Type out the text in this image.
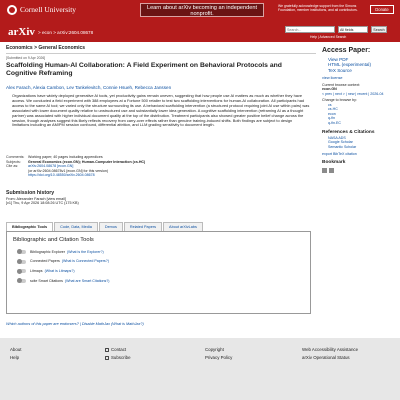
Cornell University	Learn about arXiv becoming an independent nonprofit.
We gratefully acknowledge support from the Simons Foundation, member institutions, and all contributors.	Donate
arXiv > econ > arXiv:2604.08678	Search...	All fields	Search
Help | Advanced Search
Economics > General Economics
[Submitted on 9 Apr 2026]
Scaffolding Human-AI Collaboration: A Field Experiment on Behavioral Protocols and Cognitive Reframing
Alex Farach, Alexia Cambon, Lev Tankelevitch, Connie Hsueh, Rebecca Janssen
Organizations have widely deployed generative AI tools, yet productivity gains remain uneven, suggesting that how people use AI matters as much as whether they have access. We conducted a field experiment with 388 employees at a Fortune 500 retailer to test two scaffolding interventions for human-AI collaboration. All participants had access to the same AI tool; we varied only the structure surrounding its use. A behavioral scaffolding intervention (a structured protocol requiring joint AI use within pairs) was associated with lower document quality relative to unstructured use and substantially lower idea generation. A cognitive scaffolding intervention (reframing AI as a thought partner) was associated with higher individual document quality at the top of the distribution. Treatment participants also showed greater positive belief change across the session, though analyses suggest this likely reflects recovery from carry-over effects rather than genuine training-induced shifts. Both findings are subject to design limitations including an AM/PM session confound, differential attrition, and LLM grading sensitivity to document length.
Comments:	Working paper; 40 pages including appendices
Subjects:	General Economics (econ.GN); Human-Computer Interaction (cs.HC)
Cite as:	arXiv:2604.08678 [econ.GN]
(or arXiv:2604.08678v1 [econ.GN] for this version)
https://doi.org/10.48550/arXiv.2604.08678
Submission history
From: Alexander Farach [view email]
[v1] Thu, 9 Apr 2026 18:08:26 UTC (175 KB)
Bibliographic Tools	Code, Data, Media	Demos	Related Papers	About arXivLabs
Bibliographic and Citation Tools
Bibliographic Explorer (What is the Explorer?)
Connected Papers (What is Connected Papers?)
Litmaps (What is Litmaps?)
scite Smart Citations (What are Smart Citations?)
Which authors of this paper are endorsers? | Disable MathJax (What is MathJax?)
Access Paper:
View PDF
HTML (experimental)
TeX Source
view license
Current browse context:
econ.GN
< prev | next > | new | recent | 2026-04
Change to browse by:
cs
cs.HC
econ
q-fin
q-fin.EC
References & Citations
NASA ADS
Google Scholar
Semantic Scholar
export BibTeX citation
Bookmark
About
Help
Contact
Subscribe
Copyright
Privacy Policy
Web Accessibility Assistance
arXiv Operational Status
